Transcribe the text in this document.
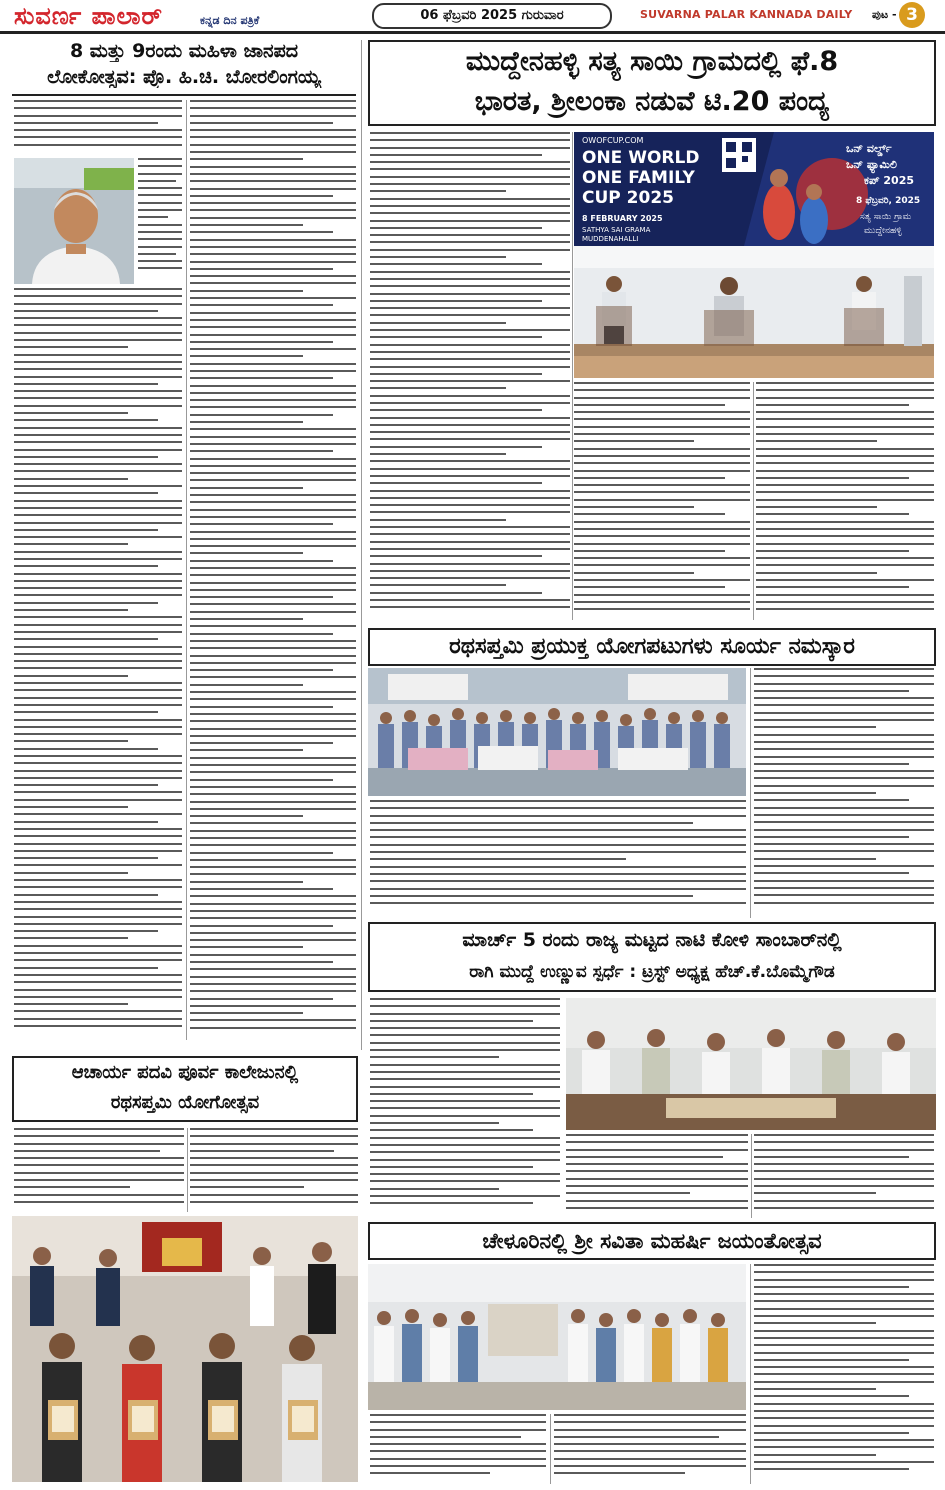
ಸುವರ್ಣ ಪಾಲಾರ್	ಕನ್ನಡ ದಿನ ಪತ್ರಿಕೆ	06 ಫೆಬ್ರವರಿ 2025 ಗುರುವಾರ	SUVARNA PALAR KANNADA DAILY ಪುಟ - 3
8 ಮತ್ತು 9ರಂದು ಮಹಿಳಾ ಜಾನಪದ
ಲೋಕೋತ್ಸವ: ಪ್ರೊ. ಹಿ.ಚಿ. ಬೋರಲಿಂಗಯ್ಯ	ಮುದ್ದೇನಹಳ್ಳಿ ಸತ್ಯ ಸಾಯಿ ಗ್ರಾಮದಲ್ಲಿ ಫೆ.8
ಭಾರತ, ಶ್ರೀಲಂಕಾ ನಡುವೆ ಟಿ.20 ಪಂದ್ಯ
OWOFCUP.COM
ONE WORLD
ONE FAMILY
CUP 2025
8 FEBRUARY 2025
SATHYA SAI GRAMA
MUDDENAHALLI
ಒನ್ ವರ್ಲ್ಡ್
ಒನ್ ಫ್ಯಾಮಿಲಿ
ಕಪ್ 2025
8 ಫೆಬ್ರವರಿ, 2025
ಸತ್ಯ ಸಾಯಿ ಗ್ರಾಮ
ಮುದ್ದೇನಹಳ್ಳಿ
ರಥಸಪ್ತಮಿ ಪ್ರಯುಕ್ತ ಯೋಗಪಟುಗಳು ಸೂರ್ಯ ನಮಸ್ಕಾರ
ಮಾರ್ಚ್ 5 ರಂದು ರಾಜ್ಯ ಮಟ್ಟದ ನಾಟಿ ಕೋಳಿ ಸಾಂಬಾರ್‌ನಲ್ಲಿ
ರಾಗಿ ಮುದ್ದೆ ಉಣ್ಣುವ ಸ್ಪರ್ಧೆ : ಟ್ರಸ್ಟ್ ಅಧ್ಯಕ್ಷ ಹೆಚ್.ಕೆ.ಬೊಮ್ಮೆಗೌಡ
ಚೇಳೂರಿನಲ್ಲಿ ಶ್ರೀ ಸವಿತಾ ಮಹರ್ಷಿ ಜಯಂತೋತ್ಸವ
ಆಚಾರ್ಯ ಪದವಿ ಪೂರ್ವ ಕಾಲೇಜುನಲ್ಲಿ
ರಥಸಪ್ತಮಿ ಯೋಗೋತ್ಸವ
